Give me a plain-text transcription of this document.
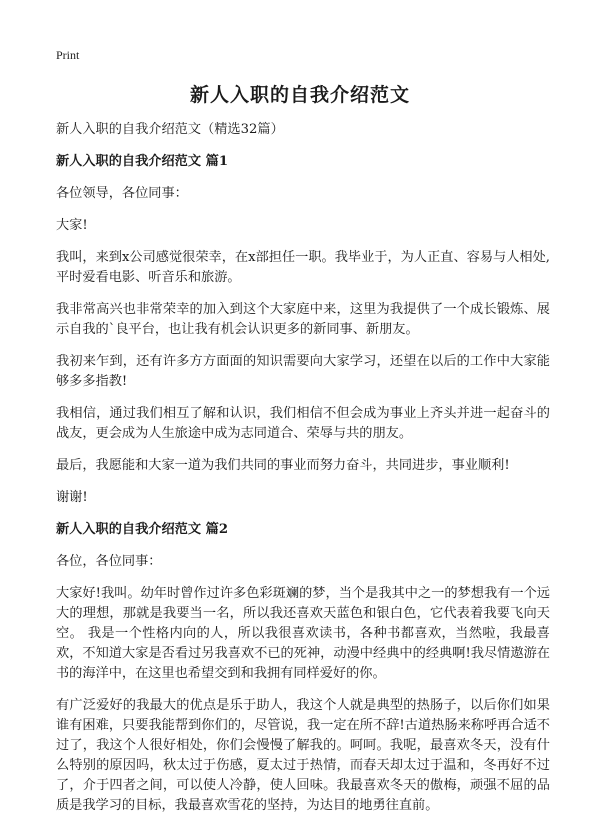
Print
新人入职的自我介绍范文

新人入职的自我介绍范文（精选32篇）

新人入职的自我介绍范文 篇1

各位领导，各位同事：

大家!

我叫，来到x公司感觉很荣幸，在x部担任一职。我毕业于，为人正直、容易与人相处,平时爱看电影、听音乐和旅游。

我非常高兴也非常荣幸的加入到这个大家庭中来，这里为我提供了一个成长锻炼、展示自我的`良平台，也让我有机会认识更多的新同事、新朋友。

我初来乍到，还有许多方方面面的知识需要向大家学习，还望在以后的工作中大家能够多多指教!

我相信，通过我们相互了解和认识，我们相信不但会成为事业上齐头并进一起奋斗的战友，更会成为人生旅途中成为志同道合、荣辱与共的朋友。

最后，我愿能和大家一道为我们共同的事业而努力奋斗，共同进步，事业顺利!

谢谢!

新人入职的自我介绍范文 篇2

各位，各位同事：

大家好!我叫。幼年时曾作过许多色彩斑斓的梦，当个是我其中之一的梦想我有一个远大的理想，那就是我要当一名，所以我还喜欢天蓝色和银白色，它代表着我要飞向天空。 我是一个性格内向的人，所以我很喜欢读书，各种书都喜欢，当然啦，我最喜欢，不知道大家是否看过另我喜欢不已的死神，动漫中经典中的经典啊!我尽情遨游在书的海洋中，在这里也希望交到和我拥有同样爱好的你。

有广泛爱好的我最大的优点是乐于助人，我这个人就是典型的热肠子，以后你们如果谁有困难，只要我能帮到你们的，尽管说，我一定在所不辞!古道热肠来称呼再合适不过了，我这个人很好相处，你们会慢慢了解我的。呵呵。我呢，最喜欢冬天，没有什么特别的原因吗，秋太过于伤感，夏太过于热情，而春天却太过于温和，冬再好不过了，介于四者之间，可以使人冷静，使人回味。我最喜欢冬天的傲梅，顽强不屈的品质是我学习的目标，我最喜欢雪花的坚持，为达目的地勇往直前。
